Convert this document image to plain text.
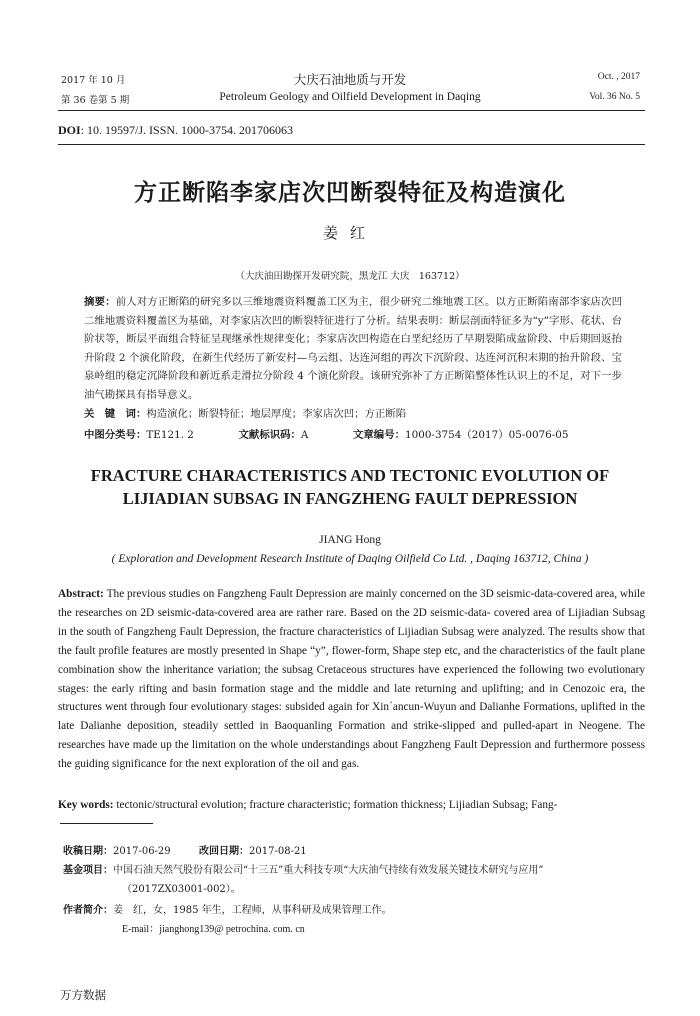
2017 年 10 月
第 36 卷第 5 期
大庆石油地质与开发
Petroleum Geology and Oilfield Development in Daqing
Oct. , 2017
Vol. 36 No. 5
DOI: 10. 19597/J. ISSN. 1000-3754. 201706063
方正断陷李家店次凹断裂特征及构造演化
姜红
（大庆油田勘探开发研究院，黑龙江 大庆　163712）
摘要：前人对方正断陷的研究多以三维地震资料覆盖工区为主，很少研究二维地震工区。以方正断陷南部李家店次凹二维地震资料覆盖区为基础，对李家店次凹的断裂特征进行了分析。结果表明：断层剖面特征多为“y”字形、花状、台阶状等，断层平面组合特征呈现继承性规律变化；李家店次凹构造在白垩纪经历了早期裂陷成盆阶段、中后期回返抬升阶段 2 个演化阶段，在新生代经历了新安村—乌云组、达连河组的再次下沉阶段、达连河沉积末期的抬升阶段、宝泉岭组的稳定沉降阶段和新近系走滑拉分阶段 4 个演化阶段。该研究弥补了方正断陷整体性认识上的不足，对下一步油气勘探具有指导意义。
关　键　词：构造演化；断裂特征；地层厚度；李家店次凹；方正断陷
中图分类号：TE121. 2	文献标识码：A	文章编号：1000-3754（2017）05-0076-05
FRACTURE CHARACTERISTICS AND TECTONIC EVOLUTION OF
LIJIADIAN SUBSAG IN FANGZHENG FAULT DEPRESSION
JIANG Hong
( Exploration and Development Research Institute of Daqing Oilfield Co Ltd. , Daqing 163712, China )
Abstract: The previous studies on Fangzheng Fault Depression are mainly concerned on the 3D seismic-data-covered area, while the researches on 2D seismic-data-covered area are rather rare. Based on the 2D seismic-data- covered area of Lijiadian Subsag in the south of Fangzheng Fault Depression, the fracture characteristics of Lijiadian Subsag were analyzed. The results show that the fault profile features are mostly presented in Shape “y”, flower-form, Shape step etc, and the characteristics of the fault plane combination show the inheritance variation; the subsag Cretaceous structures have experienced the following two evolutionary stages: the early rifting and basin formation stage and the middle and late returning and uplifting; and in Cenozoic era, the structures went through four evolutionary stages: subsided again for Xin´ancun-Wuyun and Dalianhe Formations, uplifted in the late Dalianhe deposition, steadily settled in Baoquanling Formation and strike-slipped and pulled-apart in Neogene. The researches have made up the limitation on the whole understandings about Fangzheng Fault Depression and furthermore possess the guiding significance for the next exploration of the oil and gas.
Key words: tectonic/structural evolution; fracture characteristic; formation thickness; Lijiadian Subsag; Fang-
收稿日期：2017-06-29	改回日期：2017-08-21
基金项目：中国石油天然气股份有限公司“十三五”重大科技专项“大庆油气持续有效发展关键技术研究与应用”
（2017ZX03001-002）。
作者简介：姜　红，女，1985 年生，工程师，从事科研及成果管理工作。
E-mail：jianghong139@ petrochina. com. cn
万方数据
